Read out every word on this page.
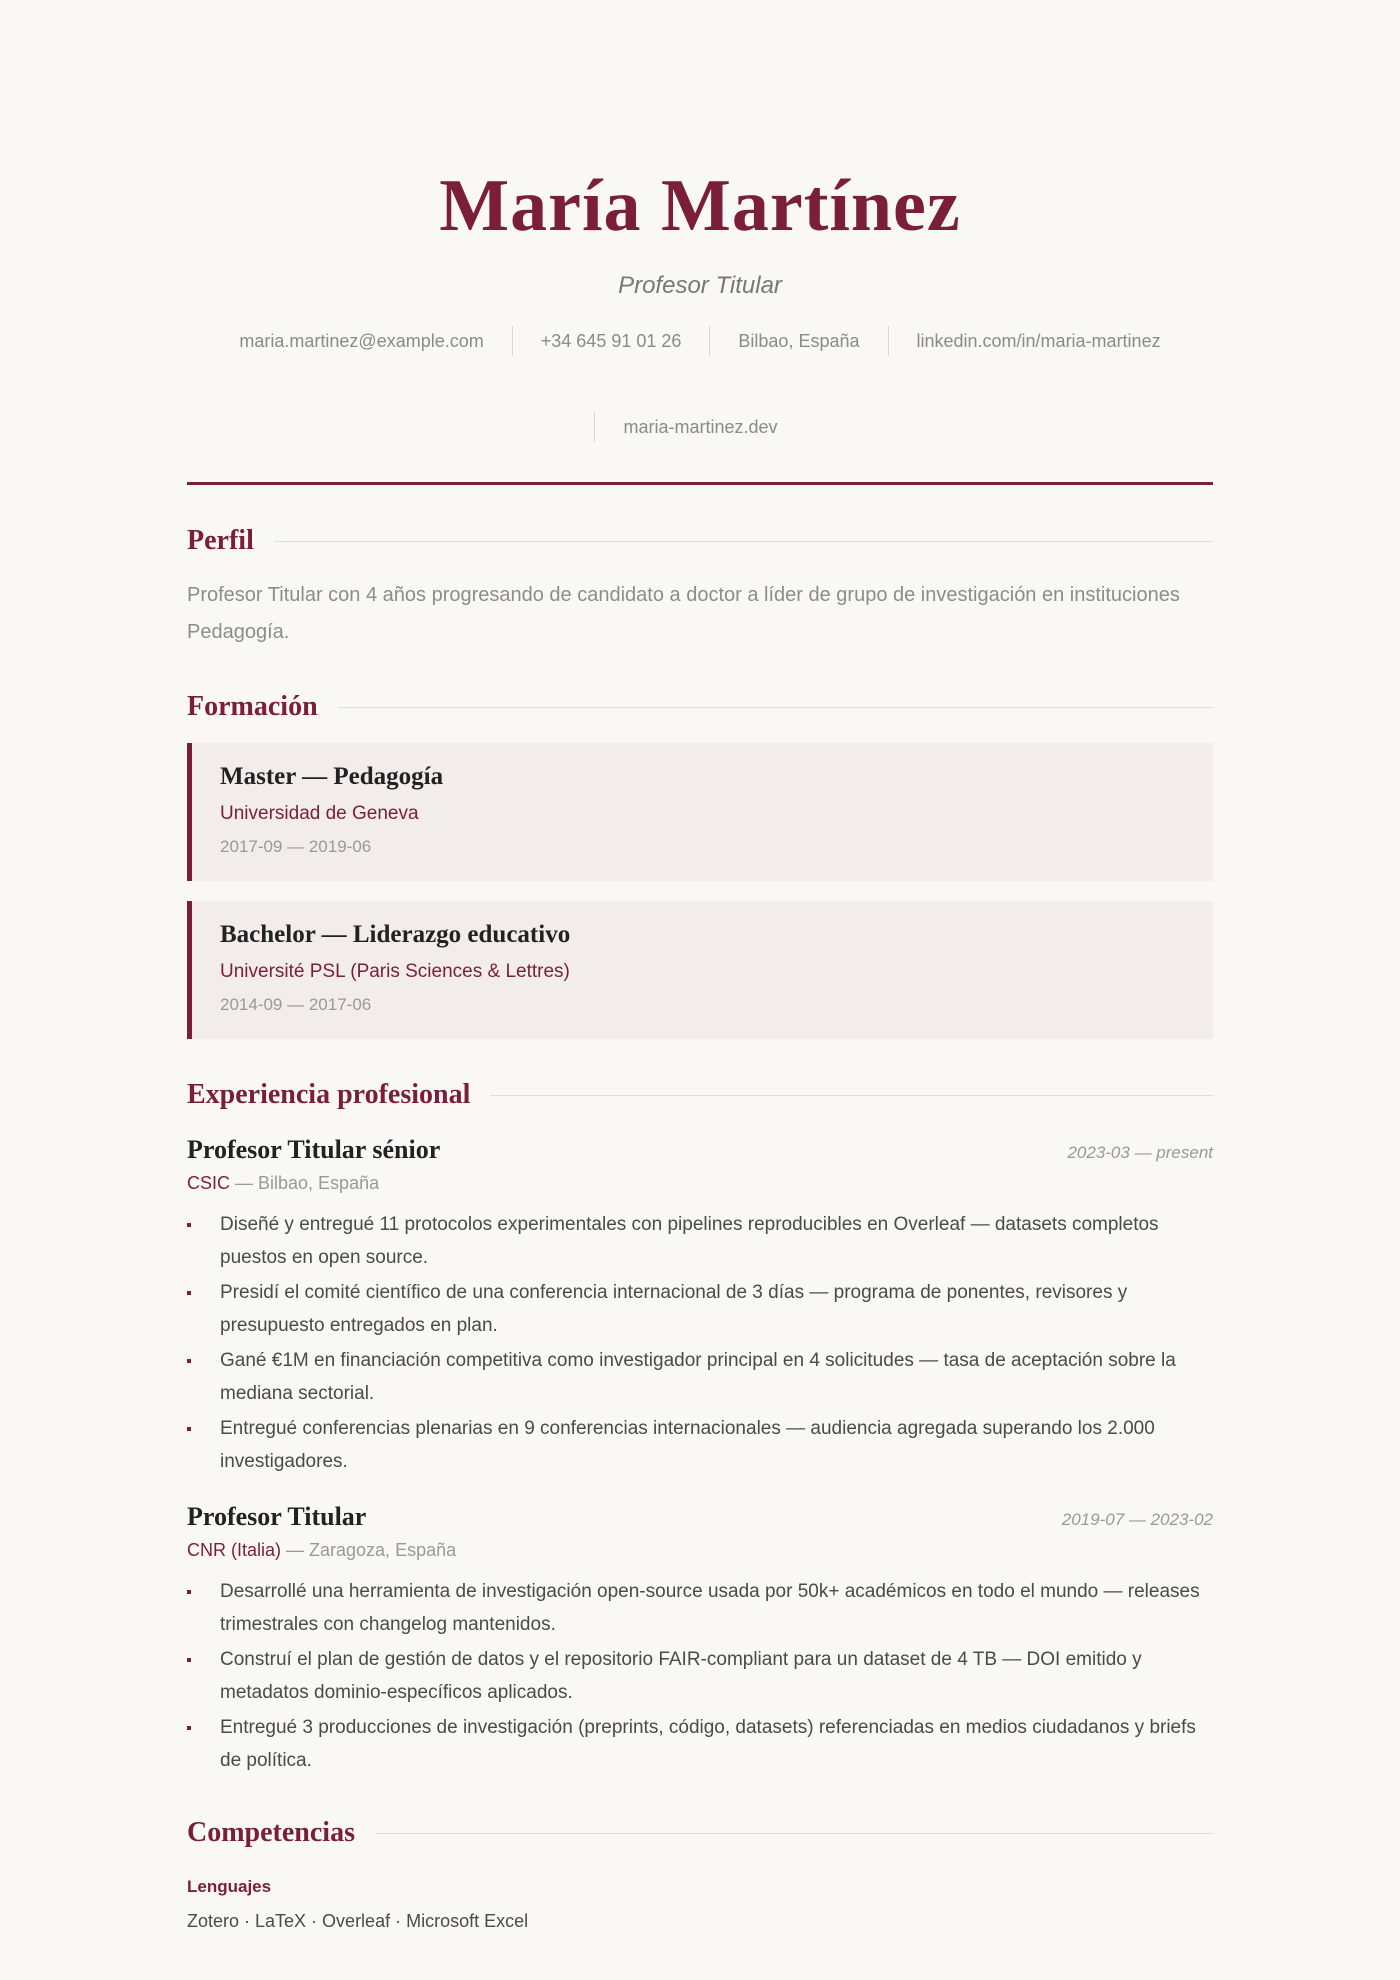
María Martínez
Profesor Titular
maria.martinez@example.com	+34 645 91 01 26	Bilbao, España	linkedin.com/in/maria-martinez
maria-martinez.dev
Perfil
Profesor Titular con 4 años progresando de candidato a doctor a líder de grupo de investigación en instituciones Pedagogía.
Formación
Master — Pedagogía
Universidad de Geneva
2017-09 — 2019-06
Bachelor — Liderazgo educativo
Université PSL (Paris Sciences & Lettres)
2014-09 — 2017-06
Experiencia profesional
Profesor Titular sénior	2023-03 — present
CSIC — Bilbao, España
Diseñé y entregué 11 protocolos experimentales con pipelines reproducibles en Overleaf — datasets completos puestos en open source.
Presidí el comité científico de una conferencia internacional de 3 días — programa de ponentes, revisores y presupuesto entregados en plan.
Gané €1M en financiación competitiva como investigador principal en 4 solicitudes — tasa de aceptación sobre la mediana sectorial.
Entregué conferencias plenarias en 9 conferencias internacionales — audiencia agregada superando los 2.000 investigadores.
Profesor Titular	2019-07 — 2023-02
CNR (Italia) — Zaragoza, España
Desarrollé una herramienta de investigación open-source usada por 50k+ académicos en todo el mundo — releases trimestrales con changelog mantenidos.
Construí el plan de gestión de datos y el repositorio FAIR-compliant para un dataset de 4 TB — DOI emitido y metadatos dominio-específicos aplicados.
Entregué 3 producciones de investigación (preprints, código, datasets) referenciadas en medios ciudadanos y briefs de política.
Competencias
Lenguajes
Zotero · LaTeX · Overleaf · Microsoft Excel
